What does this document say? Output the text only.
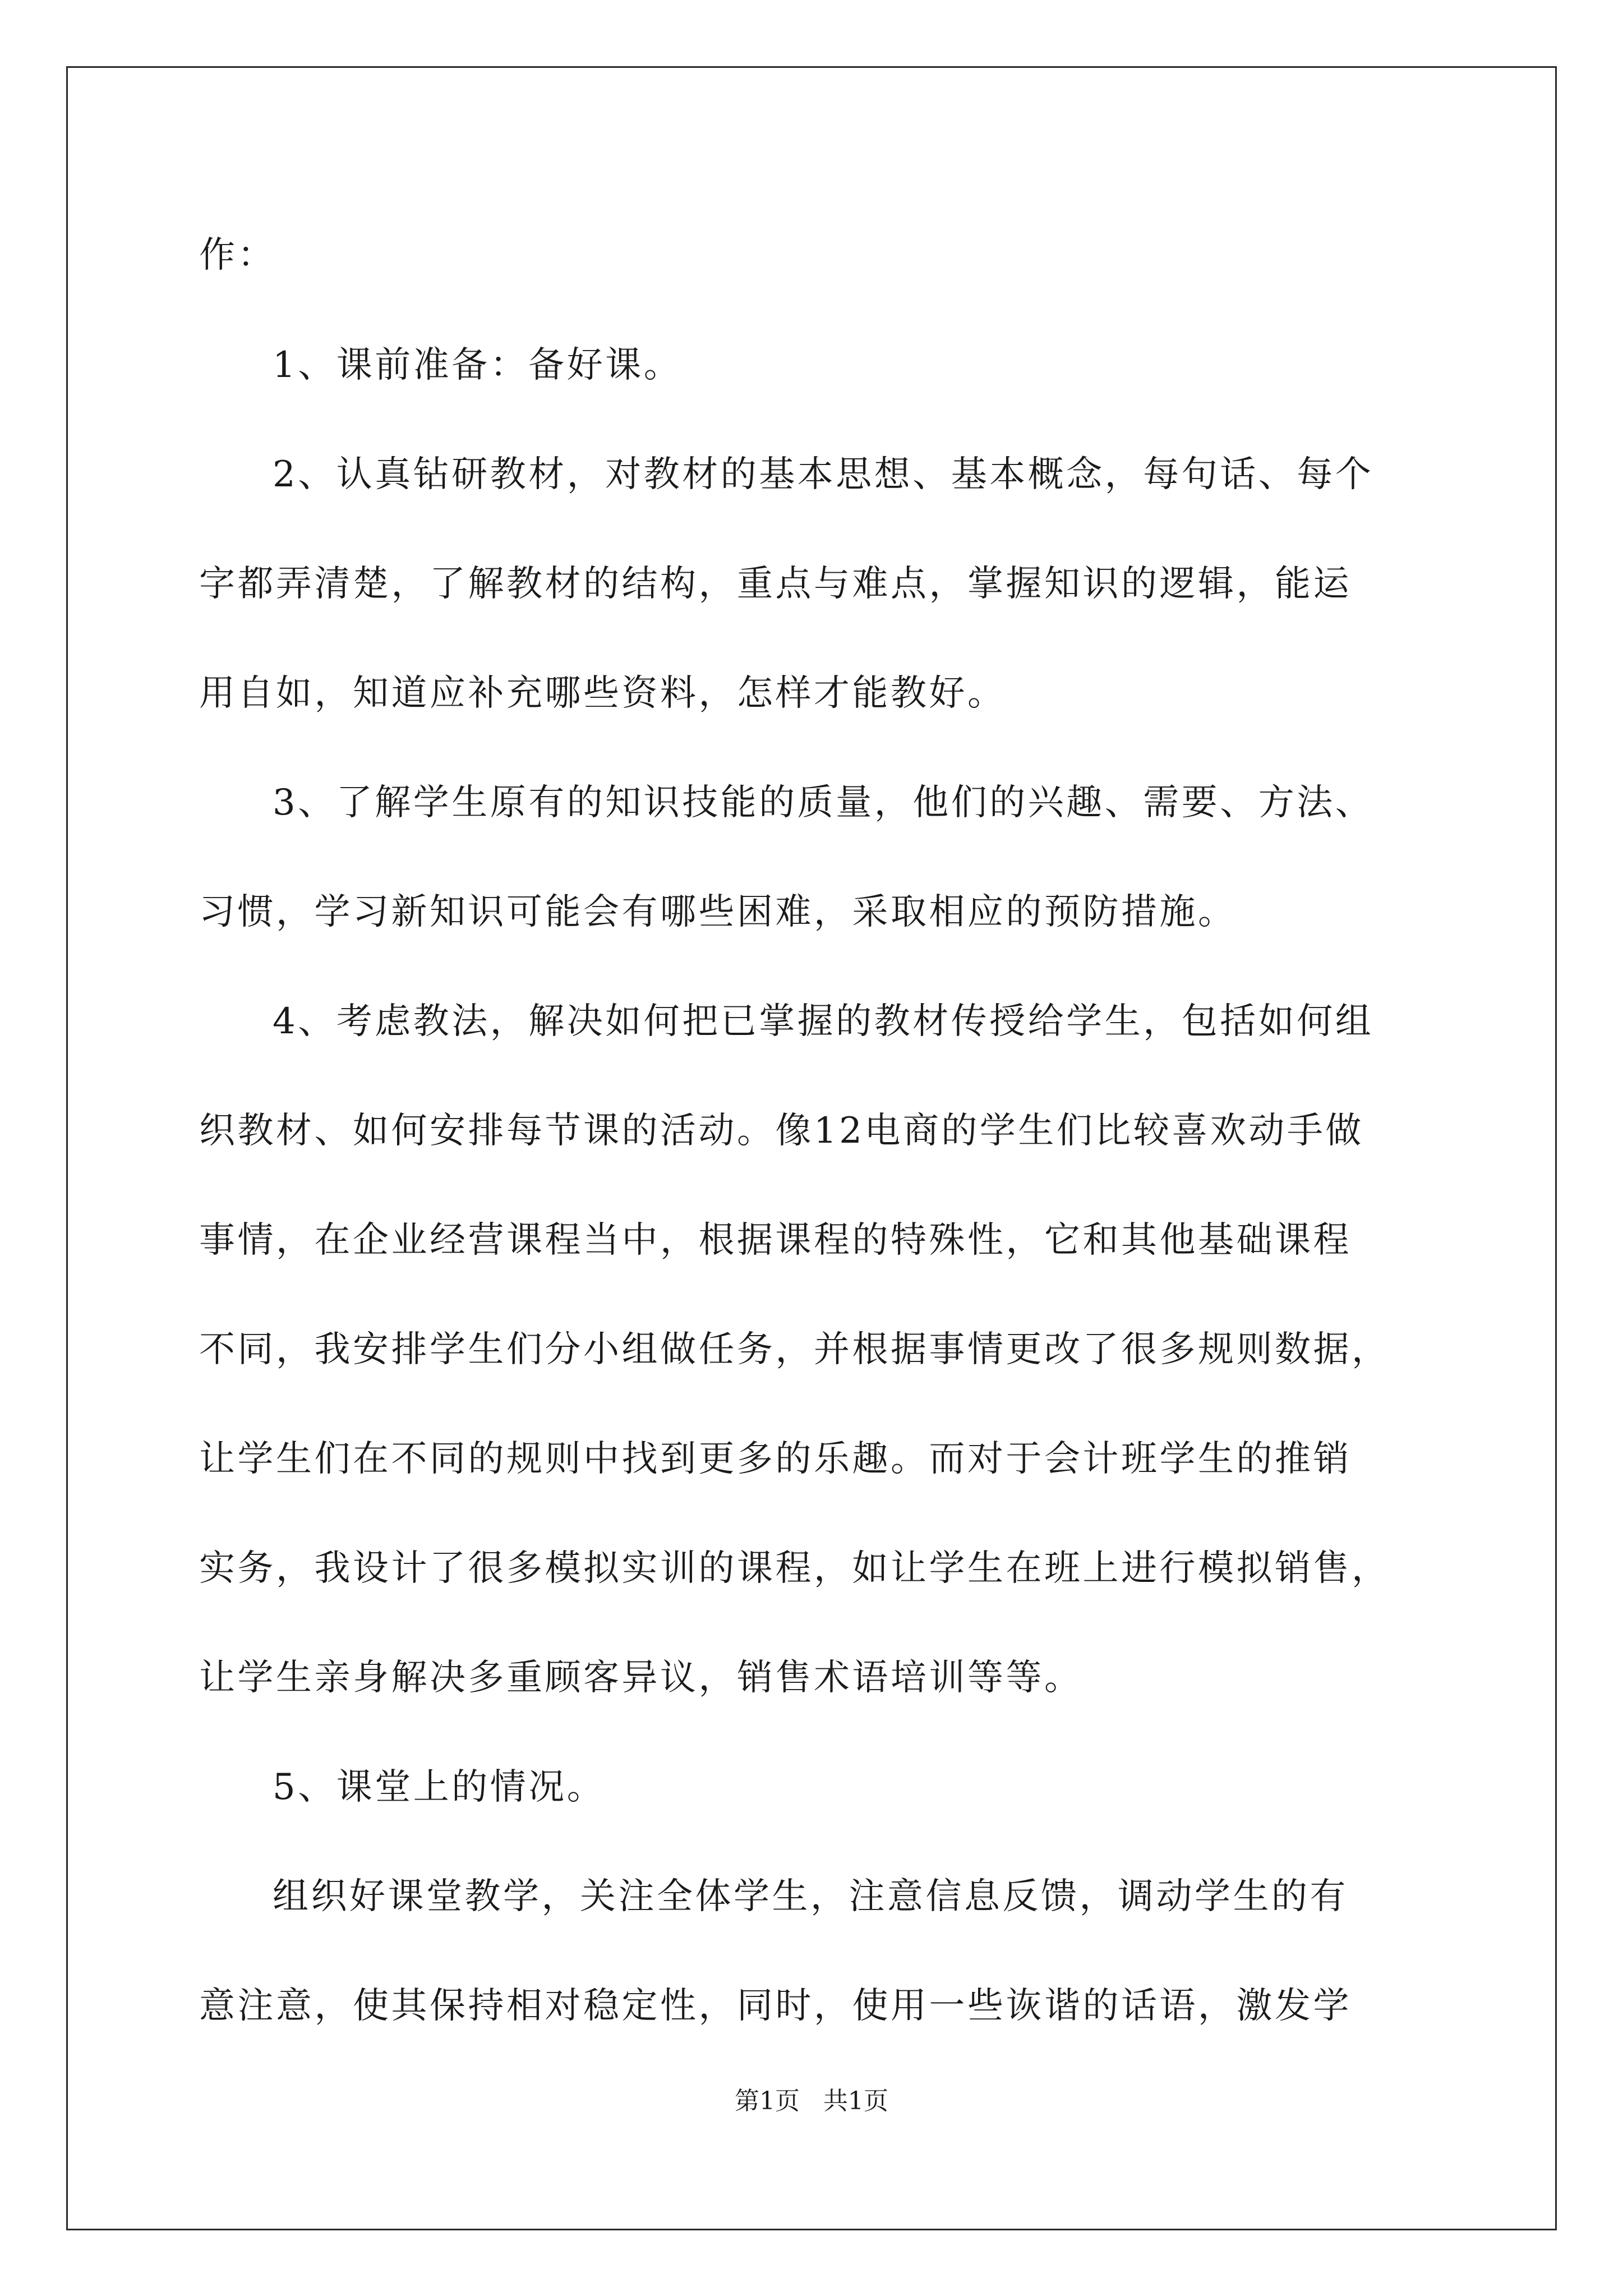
作：
1、课前准备：备好课。
2、认真钻研教材，对教材的基本思想、基本概念，每句话、每个
字都弄清楚，了解教材的结构，重点与难点，掌握知识的逻辑，能运
用自如，知道应补充哪些资料，怎样才能教好。
3、了解学生原有的知识技能的质量，他们的兴趣、需要、方法、
习惯，学习新知识可能会有哪些困难，采取相应的预防措施。
4、考虑教法，解决如何把已掌握的教材传授给学生，包括如何组
织教材、如何安排每节课的活动。像12电商的学生们比较喜欢动手做
事情，在企业经营课程当中，根据课程的特殊性，它和其他基础课程
不同，我安排学生们分小组做任务，并根据事情更改了很多规则数据，
让学生们在不同的规则中找到更多的乐趣。而对于会计班学生的推销
实务，我设计了很多模拟实训的课程，如让学生在班上进行模拟销售，
让学生亲身解决多重顾客异议，销售术语培训等等。
5、课堂上的情况。
组织好课堂教学，关注全体学生，注意信息反馈，调动学生的有
意注意，使其保持相对稳定性，同时，使用一些诙谐的话语，激发学
第1页   共1页
